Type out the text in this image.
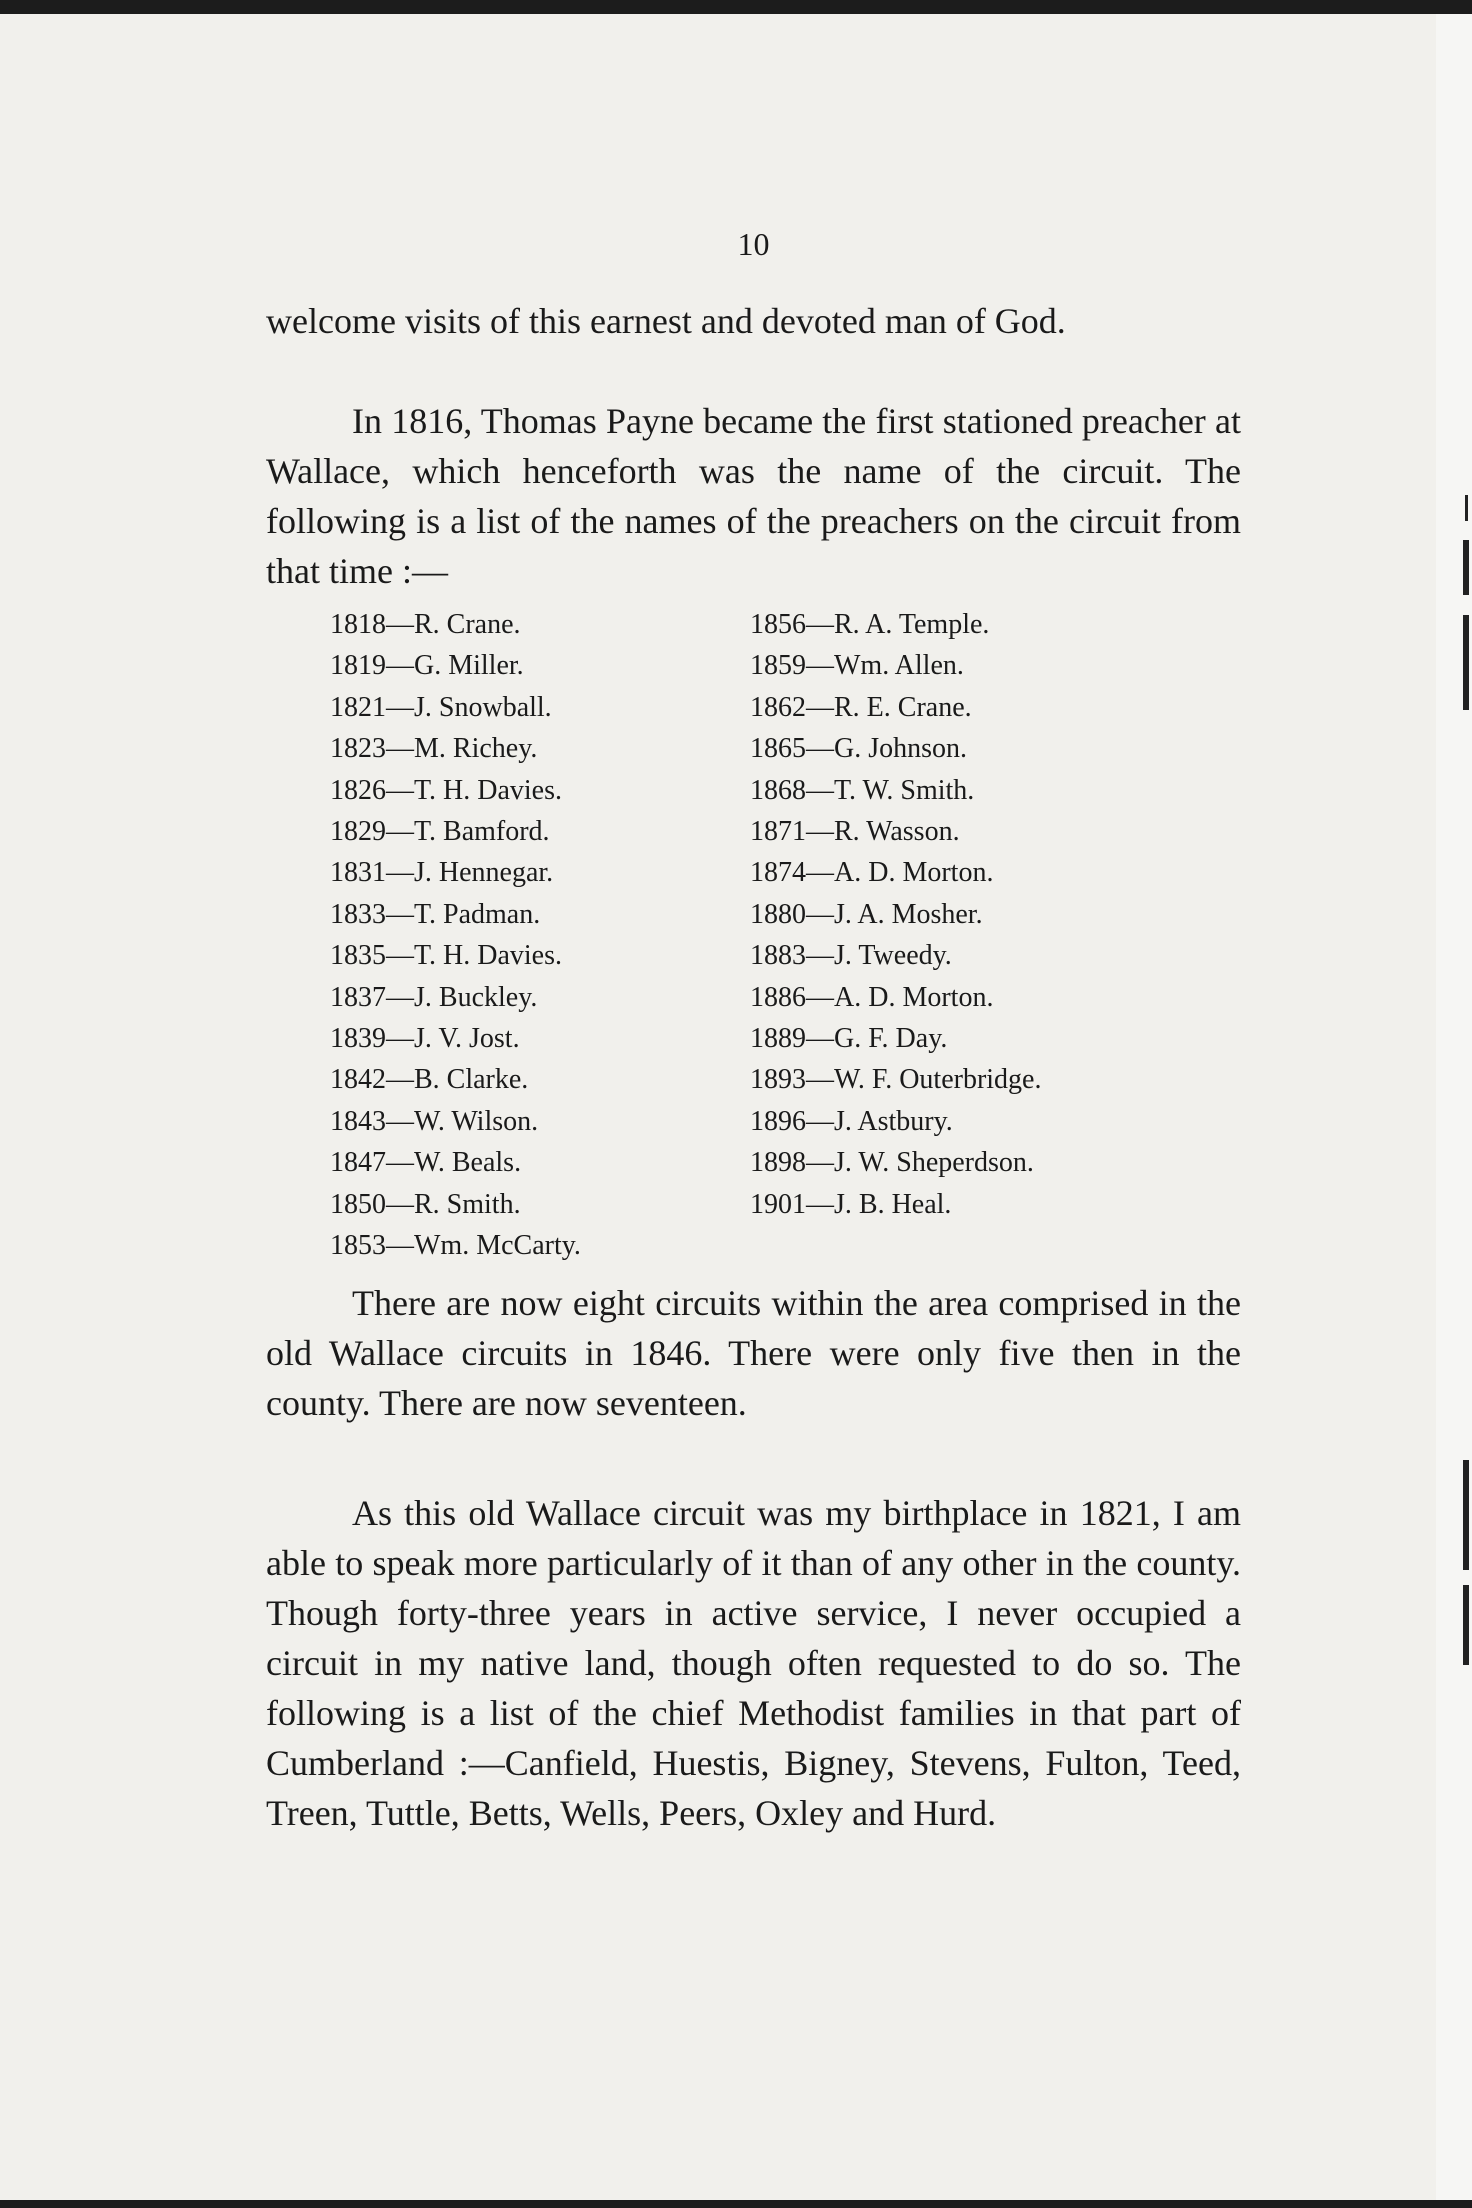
10

welcome visits of this earnest and devoted man of God.

In 1816, Thomas Payne became the first stationed preacher at Wallace, which henceforth was the name of the circuit. The following is a list of the names of the preachers on the circuit from that time :—

1818—R. Crane.
1819—G. Miller.
1821—J. Snowball.
1823—M. Richey.
1826—T. H. Davies.
1829—T. Bamford.
1831—J. Hennegar.
1833—T. Padman.
1835—T. H. Davies.
1837—J. Buckley.
1839—J. V. Jost.
1842—B. Clarke.
1843—W. Wilson.
1847—W. Beals.
1850—R. Smith.
1853—Wm. McCarty.
1856—R. A. Temple.
1859—Wm. Allen.
1862—R. E. Crane.
1865—G. Johnson.
1868—T. W. Smith.
1871—R. Wasson.
1874—A. D. Morton.
1880—J. A. Mosher.
1883—J. Tweedy.
1886—A. D. Morton.
1889—G. F. Day.
1893—W. F. Outerbridge.
1896—J. Astbury.
1898—J. W. Sheperdson.
1901—J. B. Heal.

There are now eight circuits within the area comprised in the old Wallace circuits in 1846. There were only five then in the county. There are now seventeen.

As this old Wallace circuit was my birthplace in 1821, I am able to speak more particularly of it than of any other in the county. Though forty-three years in active service, I never occupied a circuit in my native land, though often requested to do so. The following is a list of the chief Methodist families in that part of Cumberland :—Canfield, Huestis, Bigney, Stevens, Fulton, Teed, Treen, Tuttle, Betts, Wells, Peers, Oxley and Hurd.
